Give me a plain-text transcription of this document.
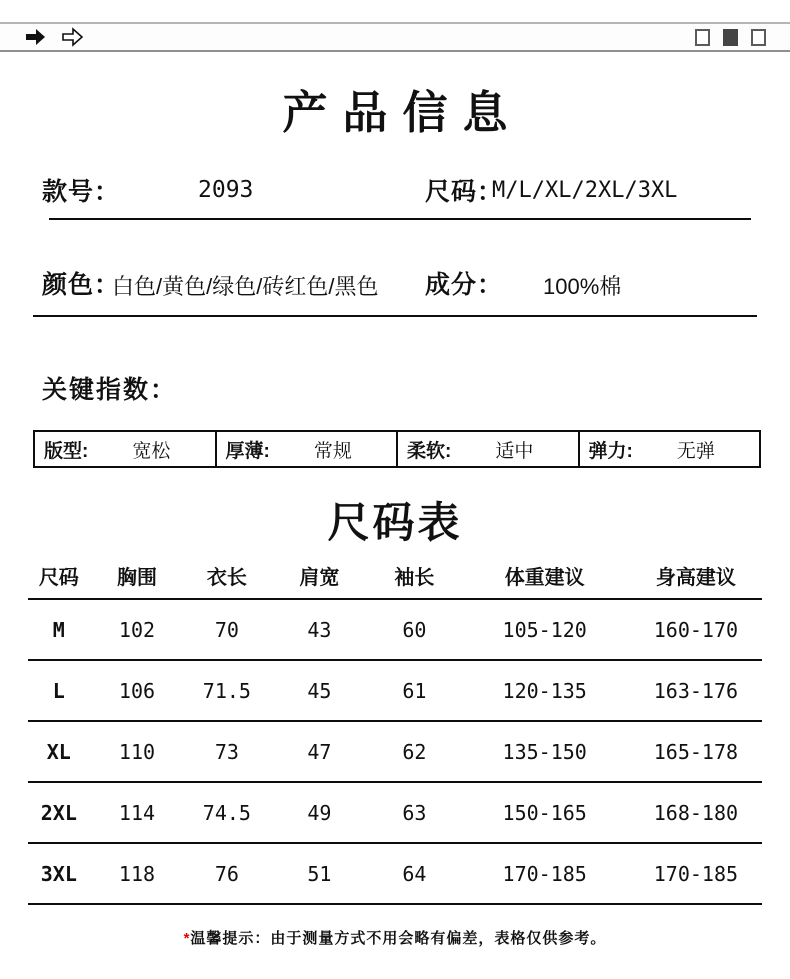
产品信息
款号：	2093	尺码：
M/L/XL/2XL/3XL
颜色：
白色/黄色/绿色/砖红色/黑色 成分： 100%棉
关键指数：
版型: 宽松	厚薄: 常规	柔软: 适中	弹力: 无弹
尺码表
尺码	胸围	衣长	肩宽	袖长	体重建议	身高建议
M	102	70	43	60	105-120	160-170
L	106	71.5	45	61	120-135	163-176
XL	110	73	47	62	135-150	165-178
2XL	114	74.5	49	63	150-165	168-180
3XL	118	76	51	64	170-185	170-185
*温馨提示：由于测量方式不用会略有偏差，表格仅供参考。
